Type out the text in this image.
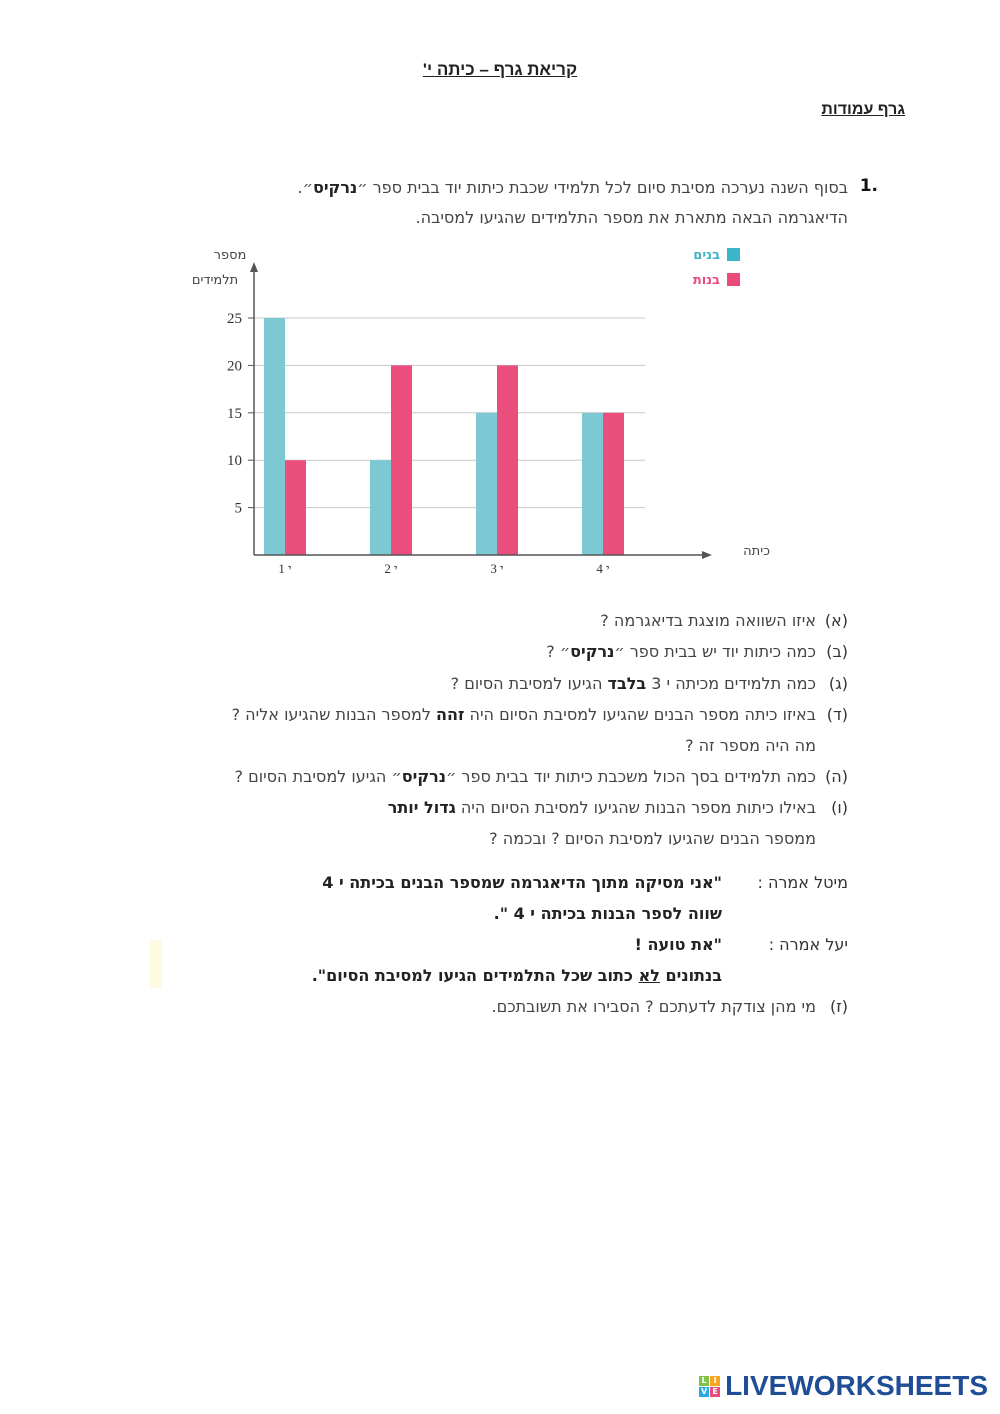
קריאת גרף – כיתה י'
גרף עמודות
1.
בסוף השנה נערכה מסיבת סיום לכל תלמידי שכבת כיתות יוד בבית ספר ״נרקיס״.
הדיאגרמה הבאה מתארת את מספר התלמידים שהגיעו למסיבה.
5
10
15
20
25
י 1	י 2	י 3	י 4
מספר
תלמידים
כיתה
בנים
בנות
(א)
איזו השוואה מוצגת בדיאגרמה ?
(ב)
כמה כיתות יוד יש בבית ספר ״נרקיס״ ?
(ג)
כמה תלמידים מכיתה י 3 בלבד הגיעו למסיבת הסיום ?
(ד)
באיזו כיתה מספר הבנים שהגיעו למסיבת הסיום היה זהה למספר הבנות שהגיעו אליה ?
מה היה מספר זה ?
(ה)
כמה תלמידים בסך הכול משכבת כיתות יוד בבית ספר ״נרקיס״ הגיעו למסיבת הסיום ?
(ו)
באילו כיתות מספר הבנות שהגיעו למסיבת הסיום היה גדול יותר
ממספר הבנים שהגיעו למסיבת הסיום ? ובכמה ?
מיטל אמרה :
"אני מסיקה מתוך הדיאגרמה שמספר הבנים בכיתה י 4
שווה לספר הבנות בכיתה י 4 ".
יעל אמרה :
"את טועה !
בנתונים לא כתוב שכל התלמידים הגיעו למסיבת הסיום".
(ז)
מי מהן צודקת לדעתכם ? הסבירו את תשובתכם.
L I
V E LIVEWORKSHEETS
